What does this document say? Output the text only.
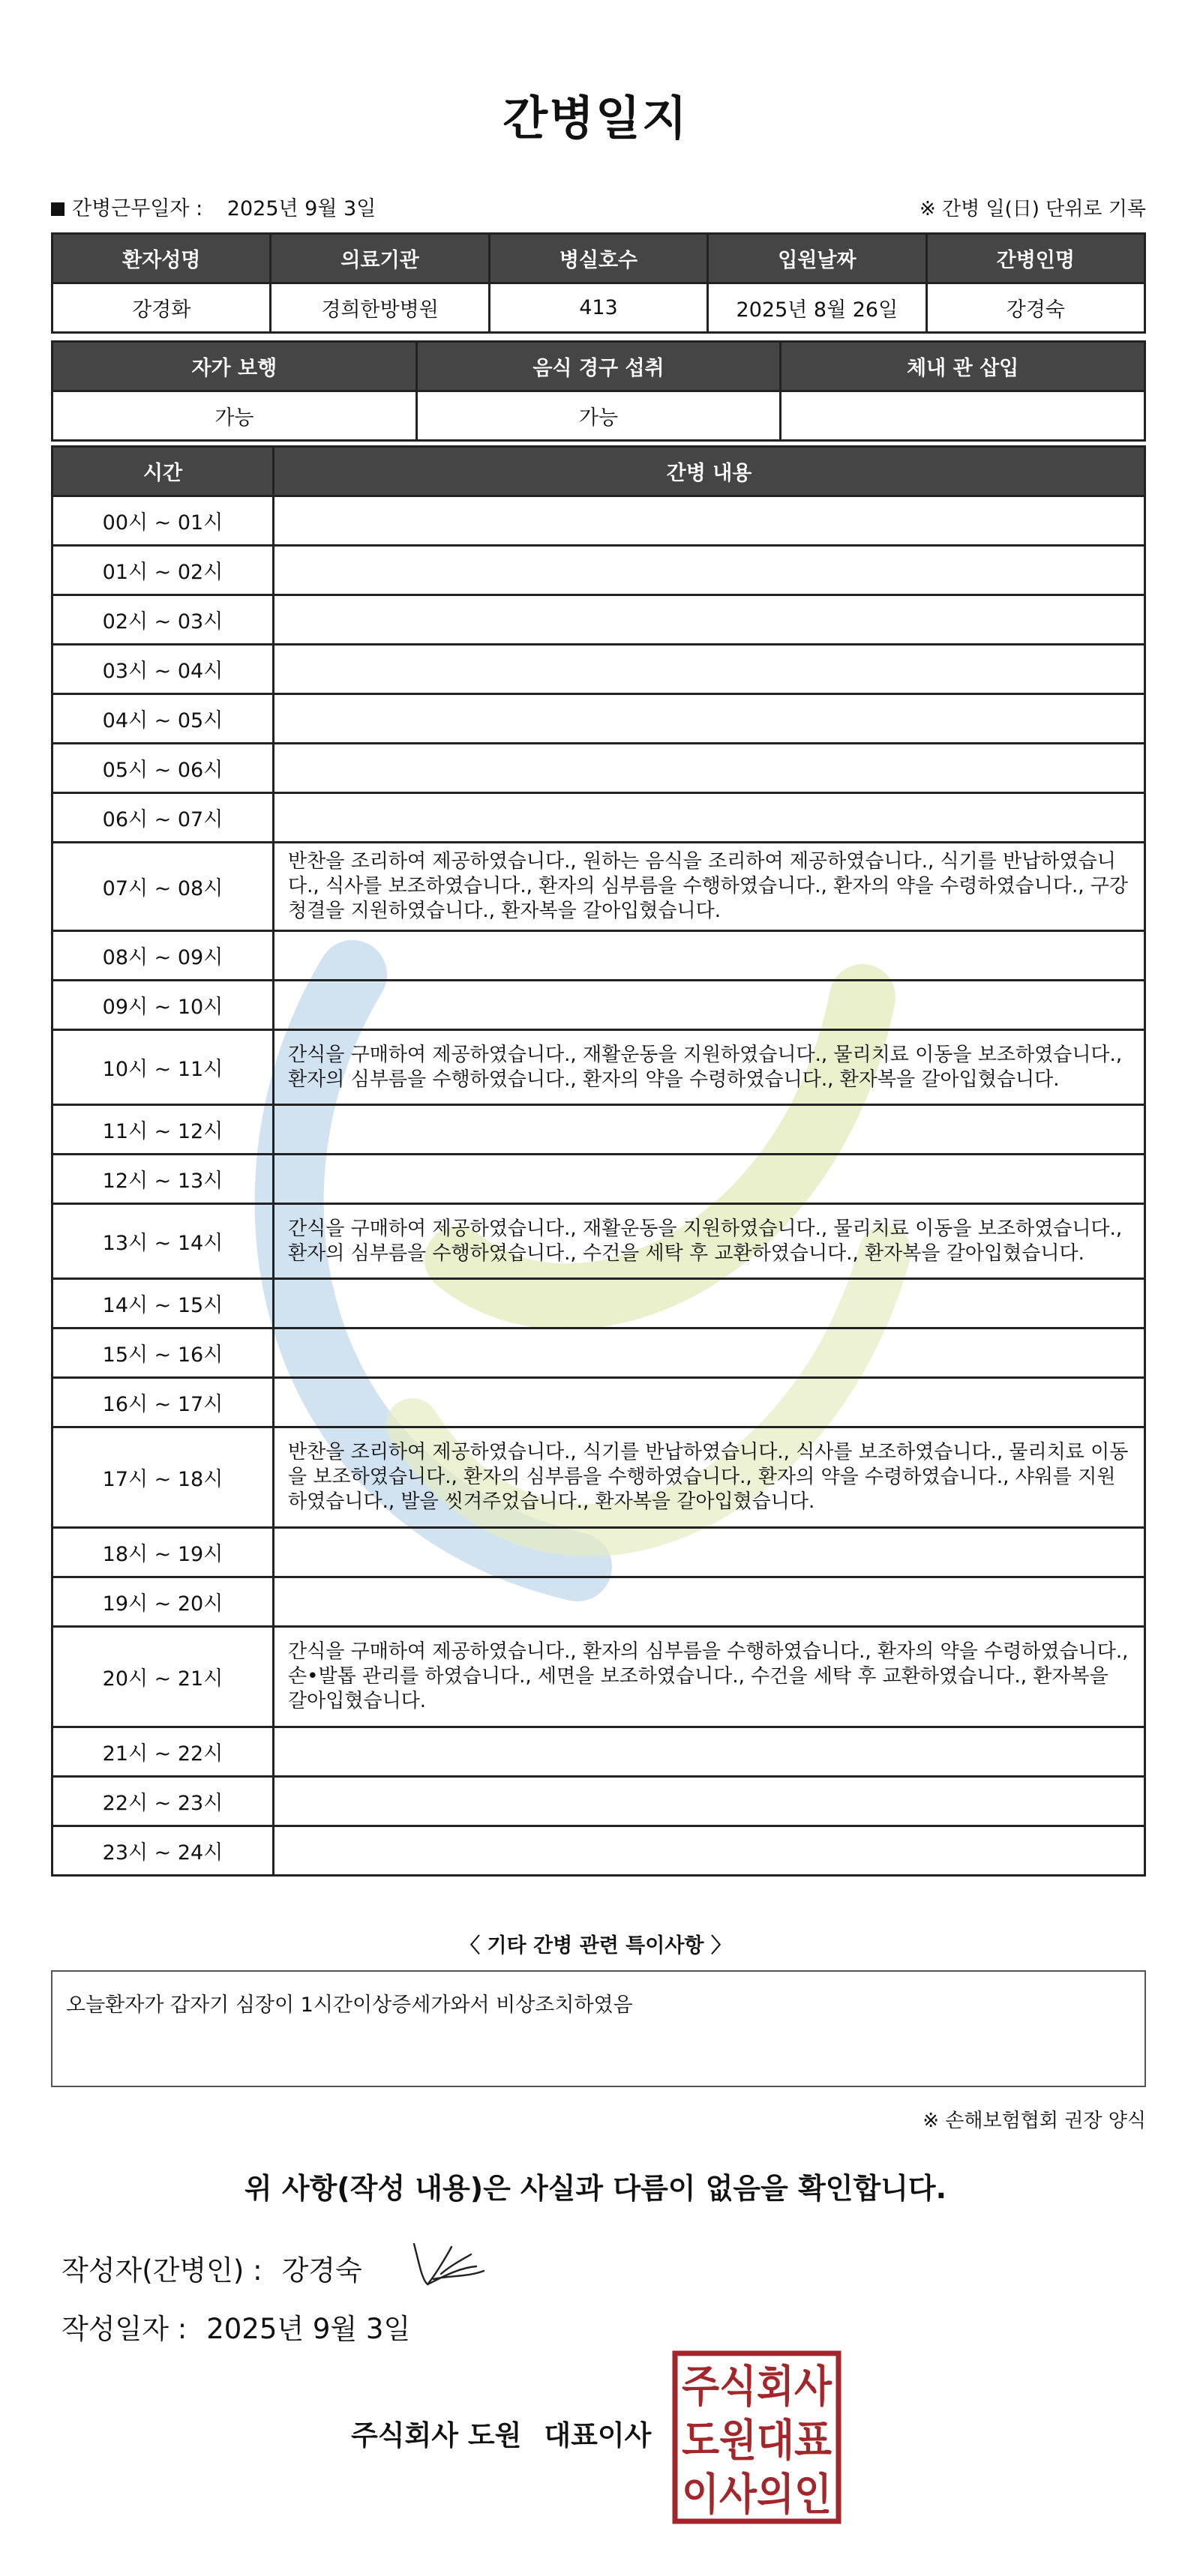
간병일지
간병근무일자 : 2025년 9월 3일	※ 간병 일(日) 단위로 기록
환자성명	의료기관	병실호수	입원날짜	간병인명
강경화	경희한방병원	413	2025년 8월 26일	강경숙
자가 보행	음식 경구 섭취	체내 관 삽입
가능	가능	
시간	간병 내용
00시 ~ 01시	
01시 ~ 02시	
02시 ~ 03시	
03시 ~ 04시	
04시 ~ 05시	
05시 ~ 06시	
06시 ~ 07시	
07시 ~ 08시	반찬을 조리하여 제공하였습니다., 원하는 음식을 조리하여 제공하였습니다., 식기를 반납하였습니다., 식사를 보조하였습니다., 환자의 심부름을 수행하였습니다., 환자의 약을 수령하였습니다., 구강청결을 지원하였습니다., 환자복을 갈아입혔습니다.
08시 ~ 09시	
09시 ~ 10시	
10시 ~ 11시	간식을 구매하여 제공하였습니다., 재활운동을 지원하였습니다., 물리치료 이동을 보조하였습니다., 환자의 심부름을 수행하였습니다., 환자의 약을 수령하였습니다., 환자복을 갈아입혔습니다.
11시 ~ 12시	
12시 ~ 13시	
13시 ~ 14시	간식을 구매하여 제공하였습니다., 재활운동을 지원하였습니다., 물리치료 이동을 보조하였습니다., 환자의 심부름을 수행하였습니다., 수건을 세탁 후 교환하였습니다., 환자복을 갈아입혔습니다.
14시 ~ 15시	
15시 ~ 16시	
16시 ~ 17시	
17시 ~ 18시	반찬을 조리하여 제공하였습니다., 식기를 반납하였습니다., 식사를 보조하였습니다., 물리치료 이동을 보조하였습니다., 환자의 심부름을 수행하였습니다., 환자의 약을 수령하였습니다., 샤워를 지원하였습니다., 발을 씻겨주었습니다., 환자복을 갈아입혔습니다.
18시 ~ 19시	
19시 ~ 20시	
20시 ~ 21시	간식을 구매하여 제공하였습니다., 환자의 심부름을 수행하였습니다., 환자의 약을 수령하였습니다., 손•발톱 관리를 하였습니다., 세면을 보조하였습니다., 수건을 세탁 후 교환하였습니다., 환자복을 갈아입혔습니다.
21시 ~ 22시	
22시 ~ 23시	
23시 ~ 24시	
〈 기타 간병 관련 특이사항 〉
오늘환자가 갑자기 심장이 1시간이상증세가와서 비상조치하였음
※ 손해보험협회 권장 양식
위 사항(작성 내용)은 사실과 다름이 없음을 확인합니다.
작성자(간병인) : 강경숙
작성일자 : 2025년 9월 3일
주식회사 도원 대표이사
주식회사
도원대표
이사의인
